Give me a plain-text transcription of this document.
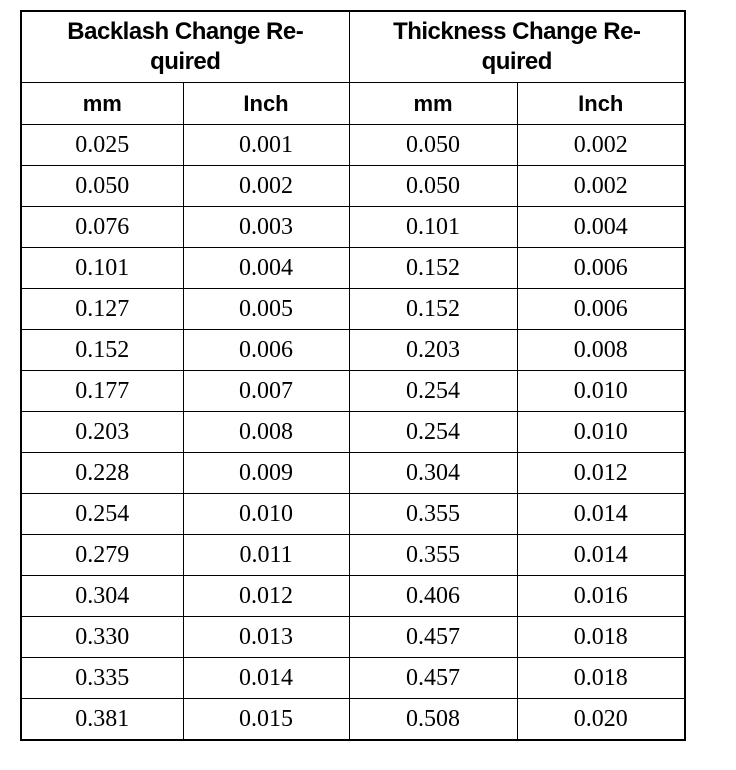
Backlash Change Re-
quired		Thickness Change Re-
quired	
mm	Inch	mm	Inch
0.025	0.001	0.050	0.002
0.050	0.002	0.050	0.002
0.076	0.003	0.101	0.004
0.101	0.004	0.152	0.006
0.127	0.005	0.152	0.006
0.152	0.006	0.203	0.008
0.177	0.007	0.254	0.010
0.203	0.008	0.254	0.010
0.228	0.009	0.304	0.012
0.254	0.010	0.355	0.014
0.279	0.011	0.355	0.014
0.304	0.012	0.406	0.016
0.330	0.013	0.457	0.018
0.335	0.014	0.457	0.018
0.381	0.015	0.508	0.020
